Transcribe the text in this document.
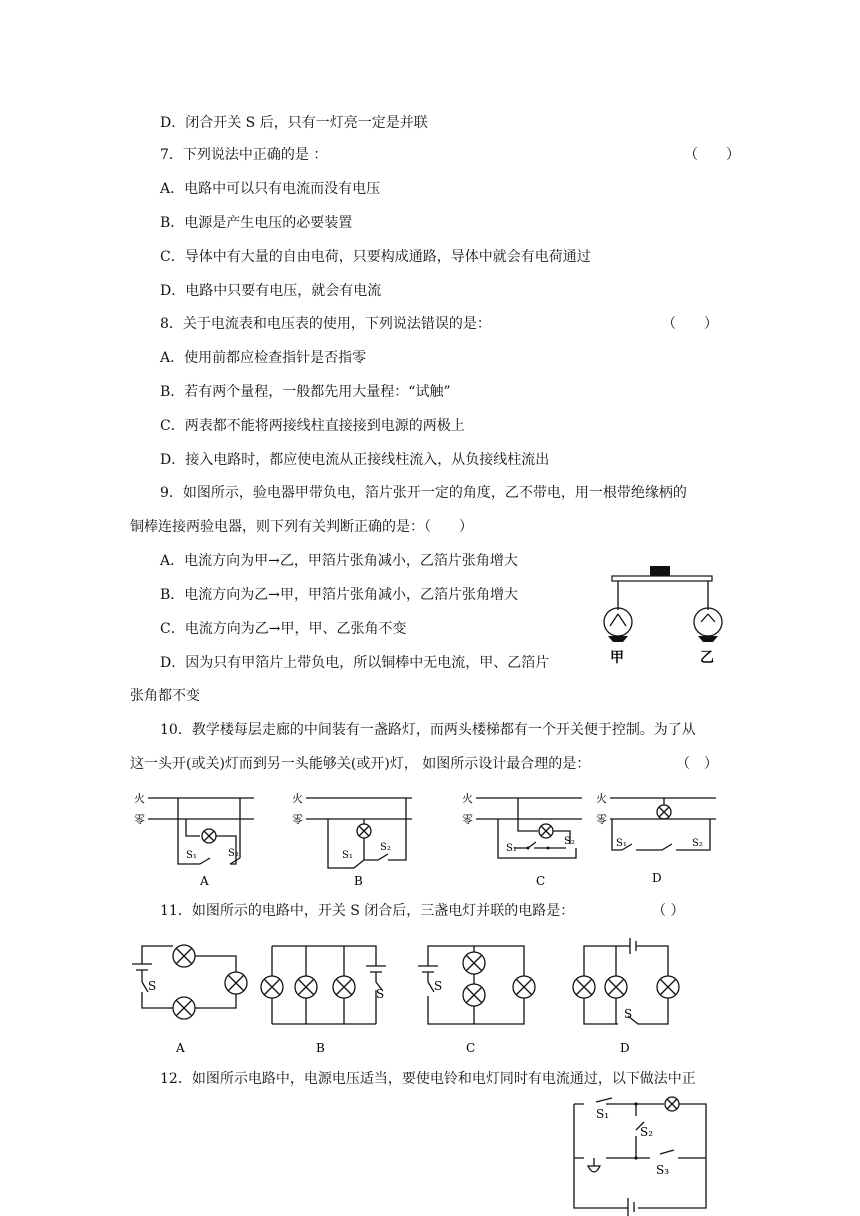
D．闭合开关 S 后，只有一灯亮一定是并联
7．下列说法中正确的是 ：	（　　）
A．电路中可以只有电流而没有电压
B．电源是产生电压的必要装置
C．导体中有大量的自由电荷，只要构成通路，导体中就会有电荷通过
D．电路中只要有电压，就会有电流
8．关于电流表和电压表的使用，下列说法错误的是：	（　　）
A．使用前都应检查指针是否指零
B．若有两个量程，一般都先用大量程：“试触”
C．两表都不能将两接线柱直接接到电源的两极上
D．接入电路时，都应使电流从正接线柱流入，从负接线柱流出
9．如图所示，验电器甲带负电，箔片张开一定的角度，乙不带电，用一根带绝缘柄的
铜棒连接两验电器，则下列有关判断正确的是：（　　）
A．电流方向为甲→乙，甲箔片张角减小，乙箔片张角增大
B．电流方向为乙→甲，甲箔片张角减小，乙箔片张角增大
C．电流方向为乙→甲，甲、乙张角不变
D．因为只有甲箔片上带负电，所以铜棒中无电流，甲、乙箔片
张角都不变
甲	乙
10．教学楼每层走廊的中间装有一盏路灯，而两头楼梯都有一个开关便于控制。为了从
这一头开(或关)灯而到另一头能够关(或开)灯， 如图所示设计最合理的是：	（　）
火
零
S₁	S₂
A
火
零
S₁
S₂
B
火
零
S₁
S₂
C
火
零
S₁	S₂
D
11．如图所示的电路中，开关 S 闭合后，三盏电灯并联的电路是：	（ ）
S
A
S
B
S
C
S
D
12．如图所示电路中，电源电压适当，要使电铃和电灯同时有电流通过，以下做法中正
S₁
S₂
S₃
